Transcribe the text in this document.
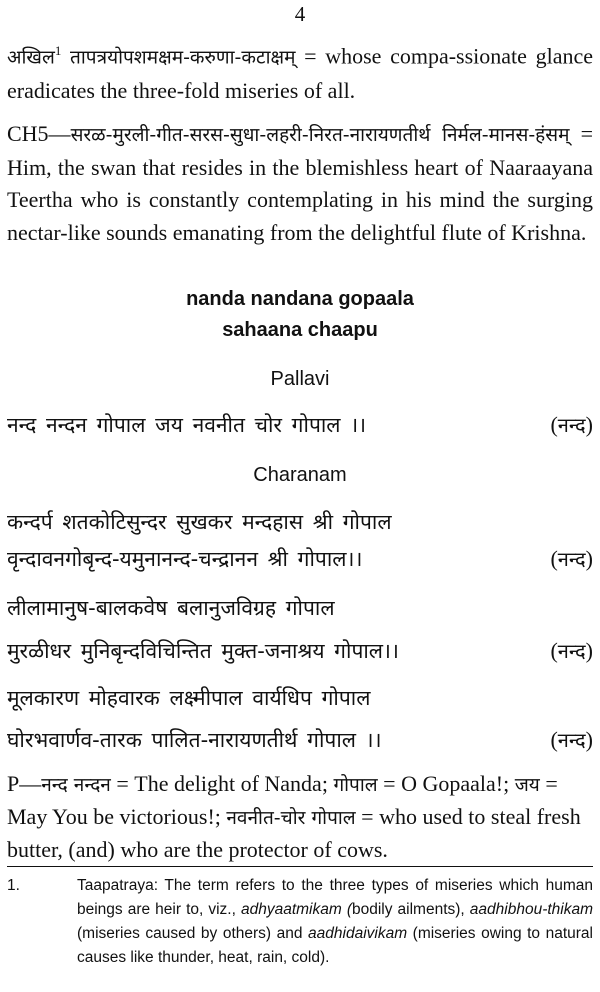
4
अखिल$^1$ तापत्रयोपशमक्षम-करुणा-कटाक्षम् = whose compa-ssionate glance eradicates the three-fold miseries of all.
CH5—सरळ-मुरली-गीत-सरस-सुधा-लहरी-निरत-नारायणतीर्थ निर्मल-मानस-हंसम् = Him, the swan that resides in the blemishless heart of Naaraayana Teertha who is constantly contemplating in his mind the surging nectar-like sounds emanating from the delightful flute of Krishna.
nanda nandana gopaala
sahaana chaapu
Pallavi
नन्द नन्दन गोपाल जय नवनीत चोर गोपाल ।।	(नन्द)
Charanam
कन्दर्प शतकोटिसुन्दर सुखकर मन्दहास श्री गोपाल
वृन्दावनगोबृन्द-यमुनानन्द-चन्द्रानन श्री गोपाल।।	(नन्द)
लीलामानुष-बालकवेष बलानुजविग्रह गोपाल
मुरळीधर मुनिबृन्दविचिन्तित मुक्त-जनाश्रय गोपाल।।	(नन्द)
मूलकारण मोहवारक लक्ष्मीपाल वार्यधिप गोपाल
घोरभवार्णव-तारक पालित-नारायणतीर्थ गोपाल ।।	(नन्द)
P—नन्द नन्दन = The delight of Nanda; गोपाल = O Gopaala!; जय = May You be victorious!; नवनीत-चोर गोपाल = who used to steal fresh butter, (and) who are the protector of cows.
1.	Taapatraya: The term refers to the three types of miseries which human beings are heir to, viz., adhyaatmikam (bodily ailments), aadhibhou-thikam (miseries caused by others) and aadhidaivikam (miseries owing to natural causes like thunder, heat, rain, cold).
